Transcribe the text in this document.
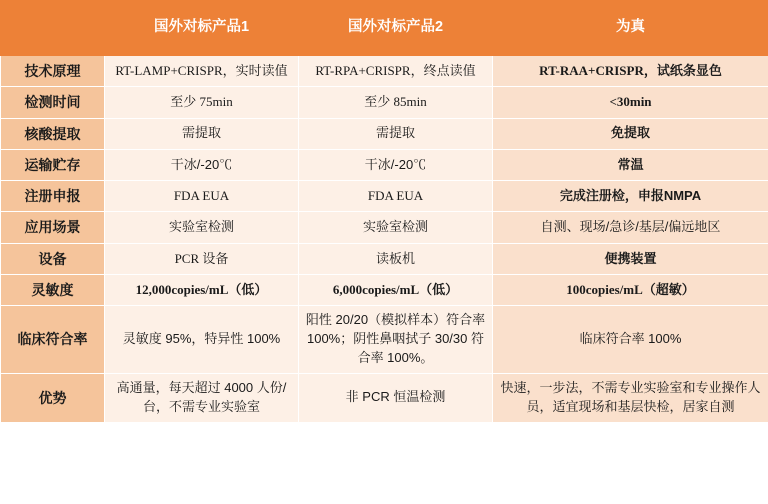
	国外对标产品1	国外对标产品2	为真
技术原理	RT-LAMP+CRISPR，实时读值	RT-RPA+CRISPR，终点读值	RT-RAA+CRISPR，试纸条显色
检测时间	至少 75min	至少 85min	<30min
核酸提取	需提取	需提取	免提取
运输贮存	干冰/-20℃	干冰/-20℃	常温
注册申报	FDA EUA	FDA EUA	完成注册检，申报NMPA
应用场景	实验室检测	实验室检测	自测、现场/急诊/基层/偏远地区
设备	PCR 设备	读板机	便携装置
灵敏度	12,000copies/mL（低）	6,000copies/mL（低）	100copies/mL（超敏）
临床符合率	灵敏度 95%，特异性 100%	阳性 20/20（模拟样本）符合率 100%；阴性鼻咽拭子 30/30 符合率 100%。	临床符合率 100%
优势	高通量，每天超过 4000 人份/台，不需专业实验室	非 PCR 恒温检测	快速，一步法，不需专业实验室和专业操作人员，适宜现场和基层快检，居家自测
